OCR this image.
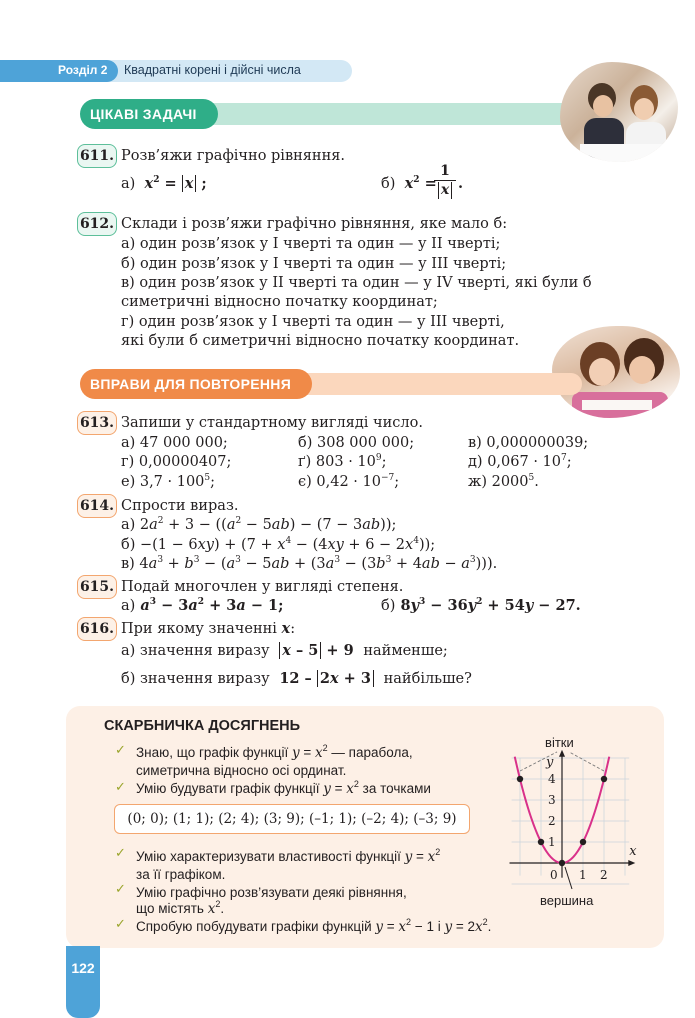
Розділ 2 Квадратні корені і дійсні числа
ЦІКАВІ ЗАДАЧІ
611. Розв’яжи графічно рівняння.
а) $x^2 = x$ ;	б) $x^2$ =
1
x .
612. Склади і розв’яжи графічно рівняння, яке мало б:
а) один розв’язок у І чверті та один — у ІІ чверті;
б) один розв’язок у І чверті та один — у ІІІ чверті;
в) один розв’язок у ІІ чверті та один — у IV чверті, які були б
симетричні відносно початку координат;
г) один розв’язок у І чверті та один — у ІІІ чверті,
які були б симетричні відносно початку координат.
ВПРАВИ ДЛЯ ПОВТОРЕННЯ
613. Запиши у стандартному вигляді число.
а) 47 000 000;	б) 308 000 000;	в) 0,000000039;
г) 0,00000407;	ґ) $803 \cdot 10^9$;	д) $0,067 \cdot 10^7$;
е) $3,7 \cdot 100^5$;	є) $0,42 \cdot 10^{-7}$;	ж) 2000$^5$.
614. Спрости вираз.
а) $2a^2 + 3 - ((a^2 - 5ab) - (7 - 3ab))$;
$б) -(1 - 6xy) + (7 + x^4 - (4xy + 6 - 2x^4))$;
в) $4a^3 + b^3 - (a^3 - 5ab + (3a^3 - (3b^3 + 4ab - a^3)))$.
615. Подай многочлен у вигляді степеня.
а) $a^3 - 3a^2 + 3a - 1$;	б) $8y^3 - 36y^2 + 54y - 27$.
616. При якому значенні x:
а) значення виразу x – 5 + 9  найменше;
б) значення виразу  12 – 2x + 3 найбільше?
СКАРБНИЧКА ДОСЯГНЕНЬ
✓ Знаю, що графік функції $y = x^2$ — парабола,
симетрична відносно осі ординат.
✓ Умію будувати графік функції $y = x^2$ за точками
(0; 0); (1; 1); (2; 4); (3; 9); (–1; 1); (–2; 4); (–3; 9)
✓ Умію характеризувати властивості функції $y = x^2$
за її графіком.
✓ Умію графічно розв’язувати деякі рівняння,
що містять $x^2$.
✓ Спробую побудувати графіки функцій $y = x^2 - 1$ і $y = 2x^2$.
4
3
2
1
0 1 2
вітки
вершина
x
y
122
